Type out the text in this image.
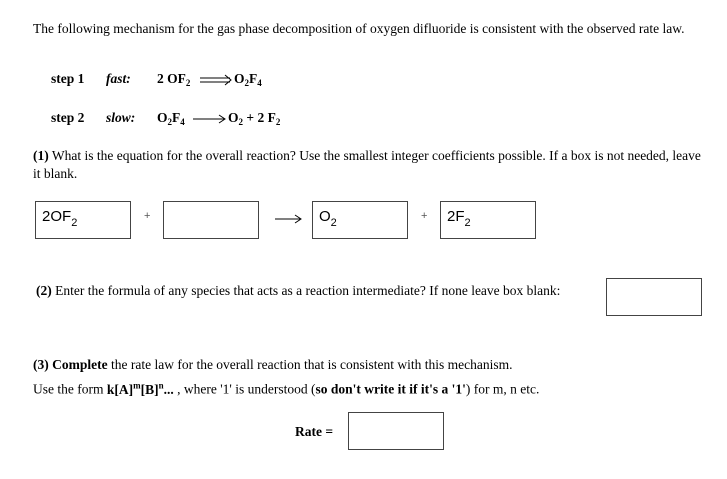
The following mechanism for the gas phase decomposition of oxygen difluoride is consistent with the observed rate law.
step 1 fast: 2 $OF_2$	$O_2F_4$
step 2 slow: $O_2F_4$	$O_2 + 2$ $F_2$
(1) What is the equation for the overall reaction? Use the smallest integer coefficients possible. If a box is not needed, leave it blank.
$2OF_2$
+	→	$O_2$
+	$2F_2$
(2) Enter the formula of any species that acts as a reaction intermediate? If none leave box blank:
(3) Complete the rate law for the overall reaction that is consistent with this mechanism.
Use the form $k[A]^m[B]^n$... , where '1' is understood (so don't write it if it's a '1') for m, n etc.
Rate =
